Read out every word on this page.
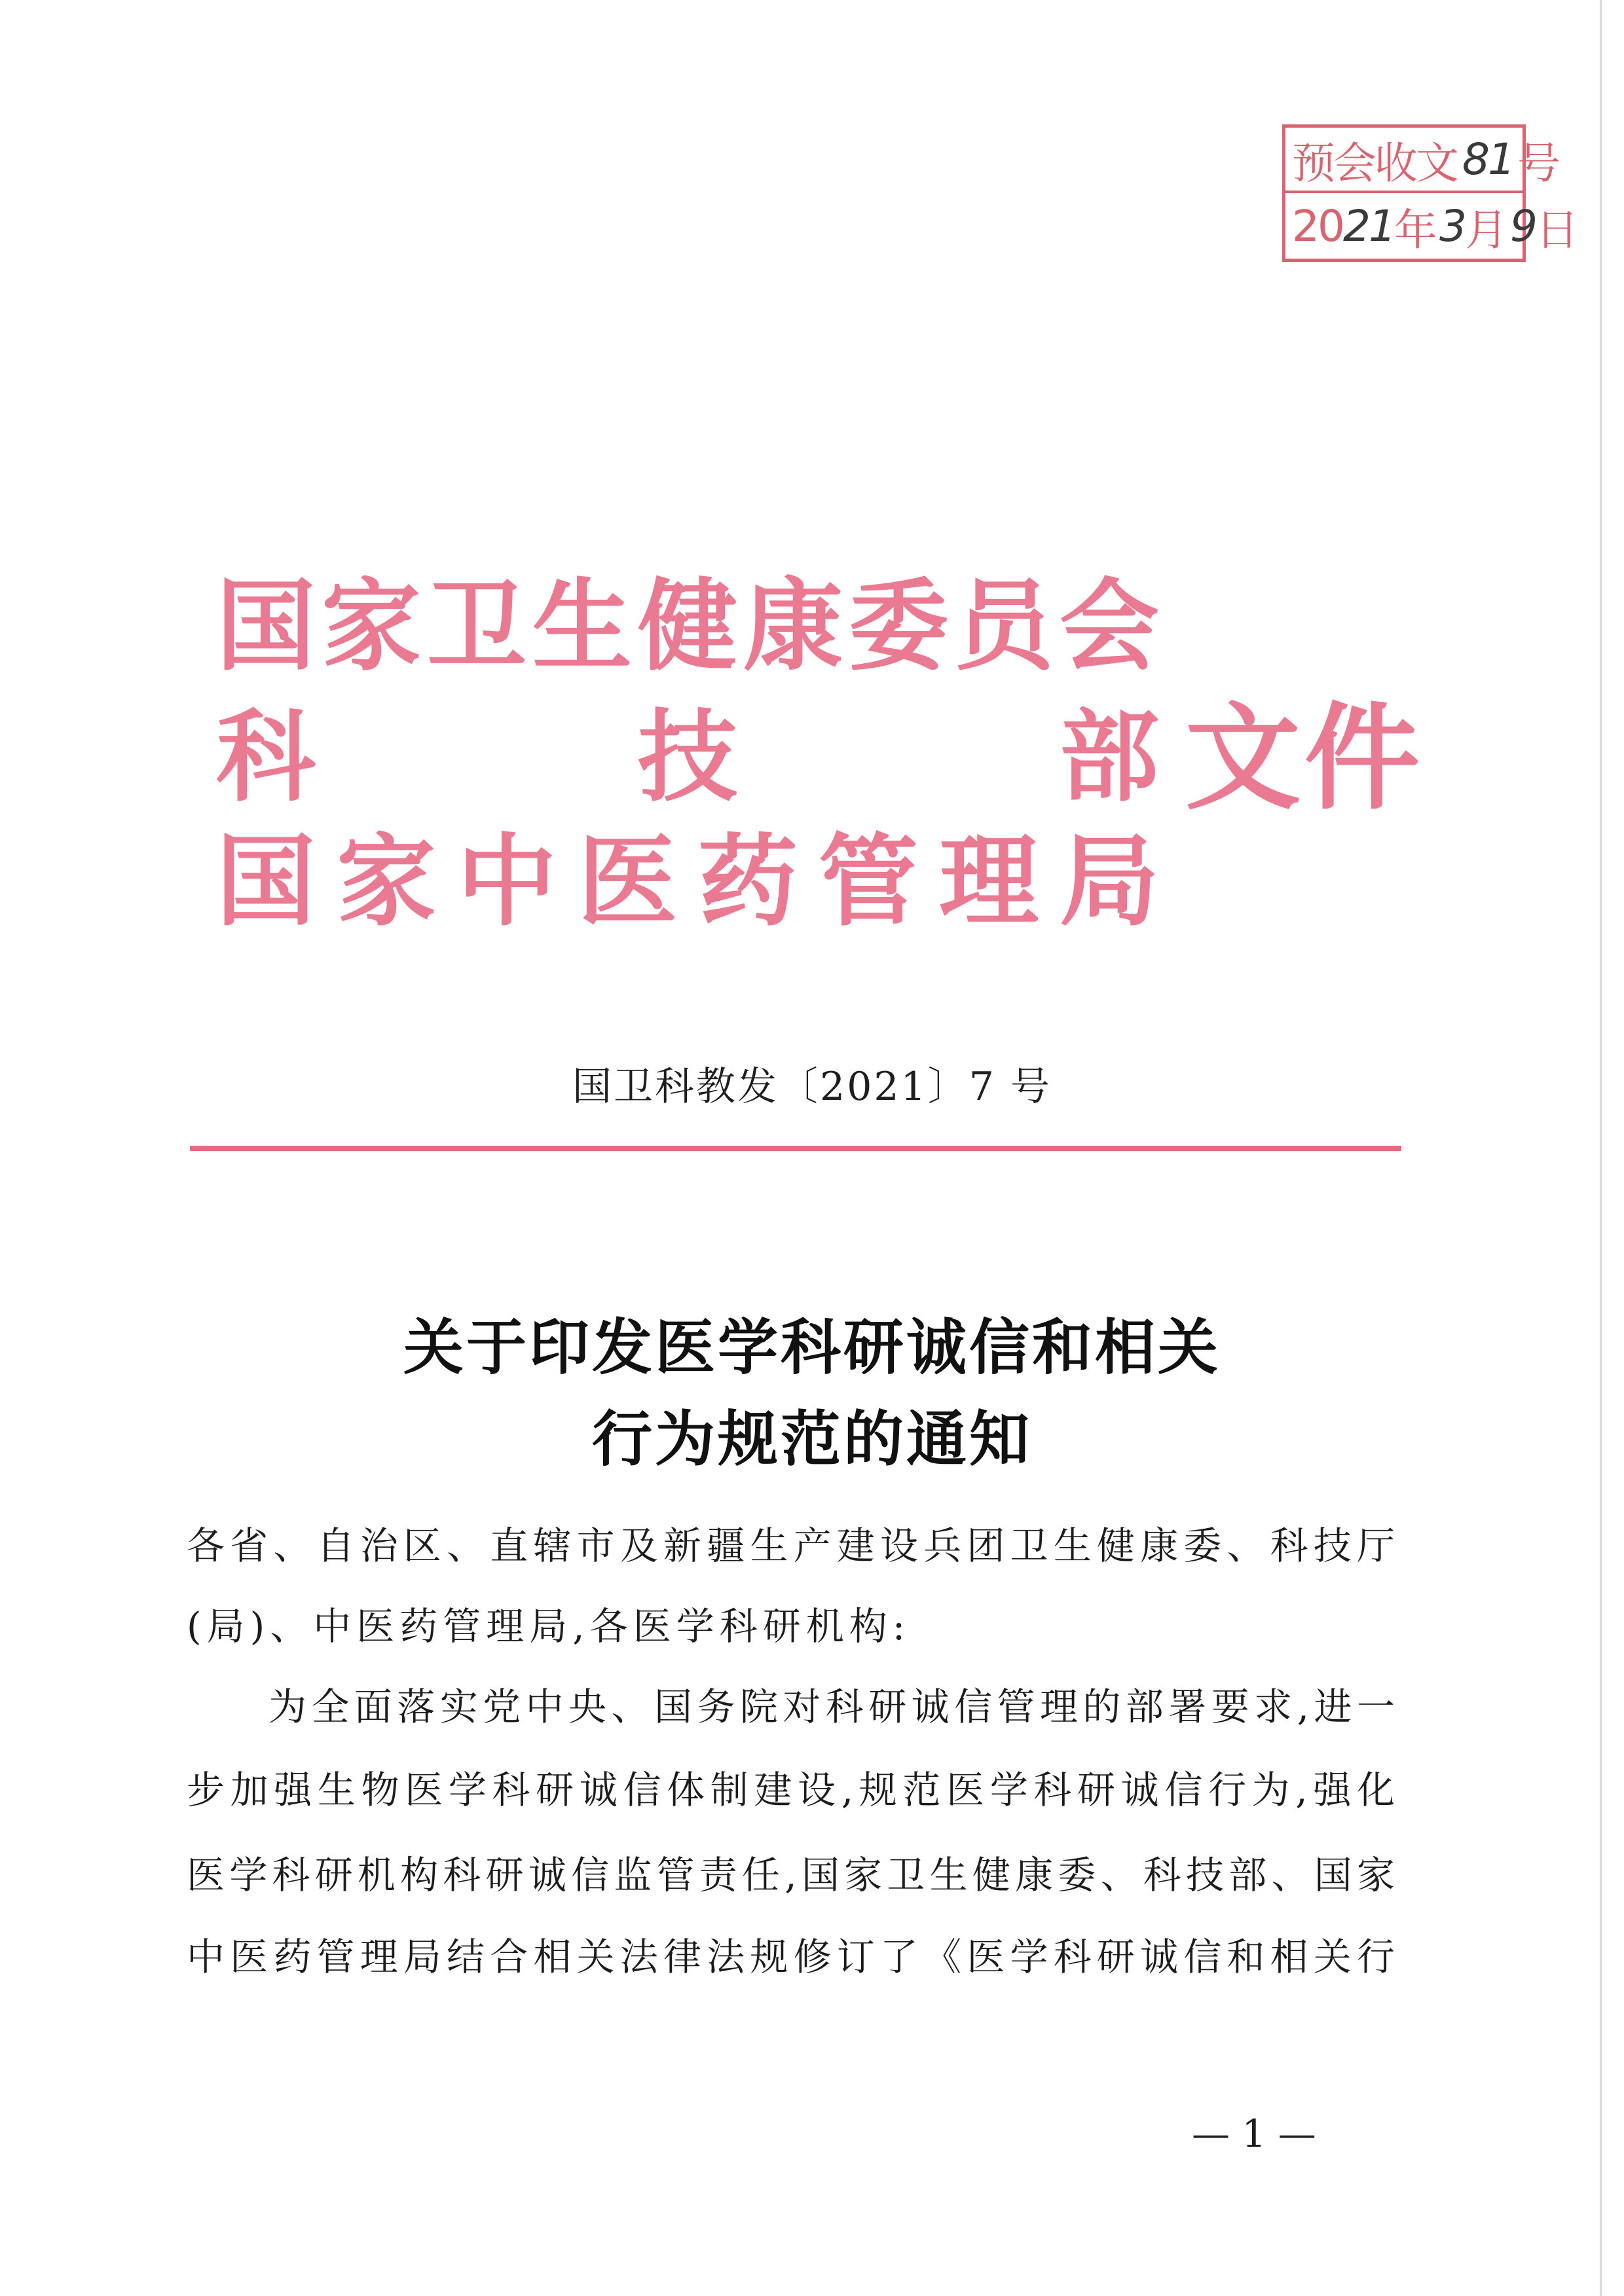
预会收文 81 号
20 21 年 3 月 9 日
国 家 卫 生 健 康 委 员 会
科	技	部
国 家 中 医 药 管 理 局
文件
国卫科教发〔2021〕7 号
关于印发医学科研诚信和相关
行为规范的通知
各省、自治区、直辖市及新疆生产建设兵团卫生健康委、科技厅
(局)、中医药管理局,各医学科研机构:
为全面落实党中央、国务院对科研诚信管理的部署要求,进一
步加强生物医学科研诚信体制建设,规范医学科研诚信行为,强化
医学科研机构科研诚信监管责任,国家卫生健康委、科技部、国家
中医药管理局结合相关法律法规修订了《医学科研诚信和相关行
— 1 —
